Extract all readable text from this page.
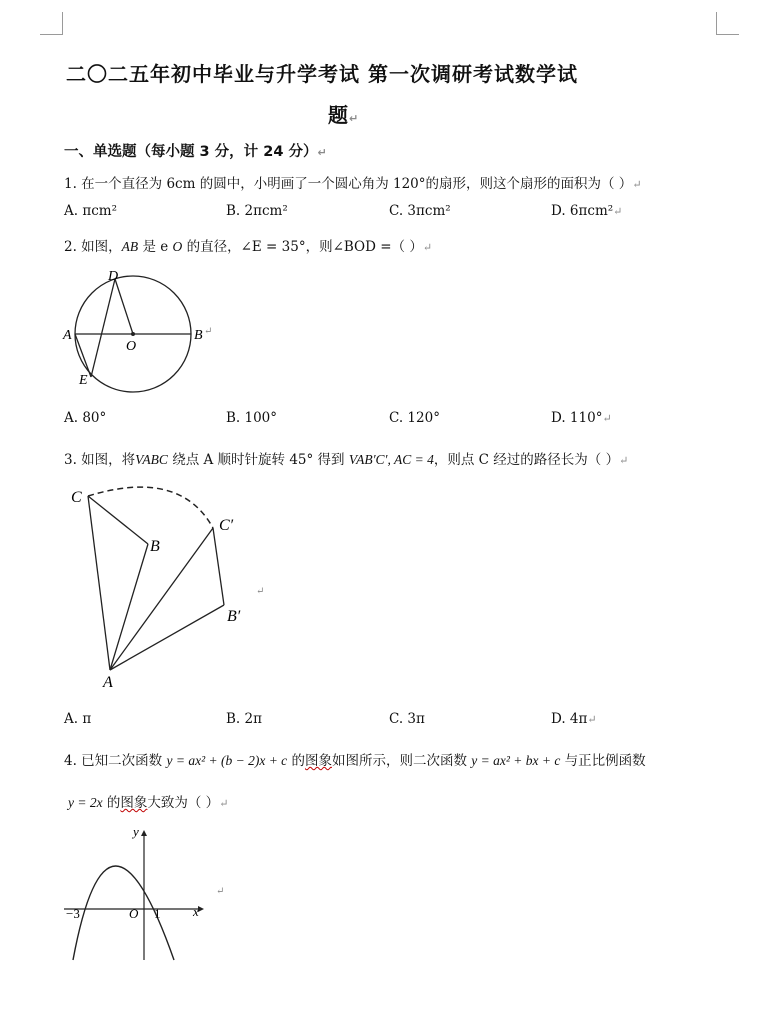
二〇二五年初中毕业与升学考试 第一次调研考试数学试
题↵
一、单选题（每小题 3 分，计 24 分）↵
1. 在一个直径为 6cm 的圆中，小明画了一个圆心角为 120°的扇形，则这个扇形的面积为（ ）↵
A. πcm²	B. 2πcm²	C. 3πcm²	D. 6πcm²↵
2. 如图，AB 是 e O 的直径，∠E = 35°，则∠BOD =（ ）↵
D
A
O
B ↵
E
A. 80°	B. 100°	C. 120°	D. 110°↵
3. 如图，将VABC 绕点 A 顺时针旋转 45° 得到 VAB′C′, AC = 4，则点 C 经过的路径长为（ ）↵
C
B
C′
B′
↵
A
A. π	B. 2π	C. 3π	D. 4π↵
4. 已知二次函数 y = ax² + (b − 2)x + c 的图象如图所示，则二次函数 y = ax² + bx + c 与正比例函数
y = 2x 的图象大致为（ ）↵
y
x
−3	O 1
↵
